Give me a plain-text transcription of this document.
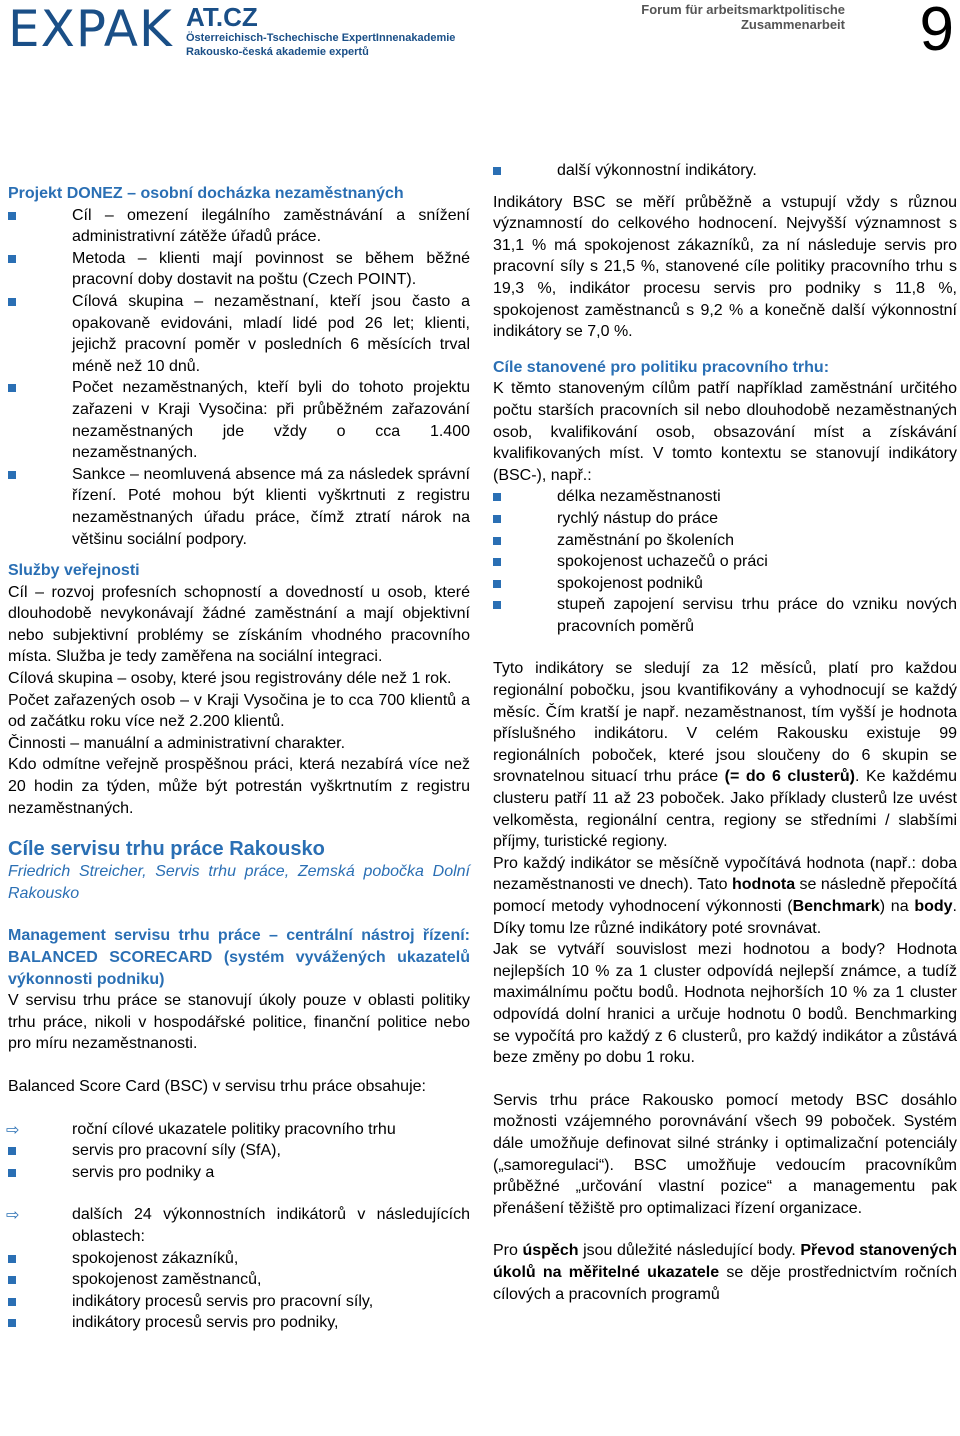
EXPAK AT.CZ
Österreichisch-Tschechische ExpertInnenakademie
Rakousko-česká akademie expertů
Forum für arbeitsmarktpolitische
Zusammenarbeit 9

Projekt DONEZ – osobní docházka nezaměstnaných

Cíl – omezení ilegálního zaměstnávání a snížení administrativní zátěže úřadů práce.
Metoda – klienti mají povinnost se během běžné pracovní doby dostavit na poštu (Czech POINT).
Cílová skupina – nezaměstnaní, kteří jsou často a opakovaně evidováni, mladí lidé pod 26 let; klienti, jejichž pracovní poměr v posledních 6 měsících trval méně než 10 dnů.
Počet nezaměstnaných, kteří byli do tohoto projektu zařazeni v Kraji Vysočina: při průběžném zařazování nezaměstnaných jde vždy o cca 1.400 nezaměstnaných.
Sankce – neomluvená absence má za následek správní řízení. Poté mohou být klienti vyškrtnuti z registru nezaměstnaných úřadu práce, čímž ztratí nárok na většinu sociální podpory.

Služby veřejnosti

Cíl – rozvoj profesních schopností a dovedností u osob, které dlouhodobě nevykonávají žádné zaměstnání a mají objektivní nebo subjektivní problémy se získáním vhodného pracovního místa. Služba je tedy zaměřena na sociální integraci.

Cílová skupina – osoby, které jsou registrovány déle než 1 rok.

Počet zařazených osob – v Kraji Vysočina je to cca 700 klientů a od začátku roku více než 2.200 klientů.

Činnosti – manuální a administrativní charakter.

Kdo odmítne veřejně prospěšnou práci, která nezabírá více než 20 hodin za týden, může být potrestán vyškrtnutím z registru nezaměstnaných.

Cíle servisu trhu práce Rakousko

Friedrich Streicher, Servis trhu práce, Zemská pobočka Dolní Rakousko

Management servisu trhu práce – centrální nástroj řízení: BALANCED SCORECARD (systém vyvážených ukazatelů výkonnosti podniku)

V servisu trhu práce se stanovují úkoly pouze v oblasti politiky trhu práce, nikoli v hospodářské politice, finanční politice nebo pro míru nezaměstnanosti.

Balanced Score Card (BSC) v servisu trhu práce obsahuje:

⇨	roční cílové ukazatele politiky pracovního trhu
servis pro pracovní síly (SfA),
servis pro podniky a
⇨	dalších 24 výkonnostních indikátorů v následujících oblastech:
spokojenost zákazníků,
spokojenost zaměstnanců,
indikátory procesů servis pro pracovní síly,
indikátory procesů servis pro podniky,
další výkonnostní indikátory.

Indikátory BSC se měří průběžně a vstupují vždy s různou významností do celkového hodnocení. Nejvyšší významnost s 31,1 % má spokojenost zákazníků, za ní následuje servis pro pracovní síly s 21,5 %, stanovené cíle politiky pracovního trhu s 19,3 %, indikátor procesu servis pro podniky s 11,8 %, spokojenost zaměstnanců s 9,2 % a konečně další výkonnostní indikátory se 7,0 %.

Cíle stanovené pro politiku pracovního trhu:

K těmto stanoveným cílům patří například zaměstnání určitého počtu starších pracovních sil nebo dlouhodobě nezaměstnaných osob, kvalifikování osob, obsazování míst a získávání kvalifikovaných míst. V tomto kontextu se stanovují indikátory (BSC-), např.:

délka nezaměstnanosti
rychlý nástup do práce
zaměstnání po školeních
spokojenost uchazečů o práci
spokojenost podniků
stupeň zapojení servisu trhu práce do vzniku nových pracovních poměrů

Tyto indikátory se sledují za 12 měsíců, platí pro každou regionální pobočku, jsou kvantifikovány a vyhodnocují se každý měsíc. Čím kratší je např. nezaměstnanost, tím vyšší je hodnota příslušného indikátoru. V celém Rakousku existuje 99 regionálních poboček, které jsou sloučeny do 6 skupin se srovnatelnou situací trhu práce (= do 6 clusterů). Ke každému clusteru patří 11 až 23 poboček. Jako příklady clusterů lze uvést velkoměsta, regionální centra, regiony se středními / slabšími příjmy, turistické regiony.

Pro každý indikátor se měsíčně vypočítává hodnota (např.: doba nezaměstnanosti ve dnech). Tato hodnota se následně přepočítá pomocí metody vyhodnocení výkonnosti (Benchmark) na body. Díky tomu lze různé indikátory poté srovnávat.

Jak se vytváří souvislost mezi hodnotou a body? Hodnota nejlepších 10 % za 1 cluster odpovídá nejlepší známce, a tudíž maximálnímu počtu bodů. Hodnota nejhorších 10 % za 1 cluster odpovídá dolní hranici a určuje hodnotu 0 bodů. Benchmarking se vypočítá pro každý z 6 clusterů, pro každý indikátor a zůstává beze změny po dobu 1 roku.

Servis trhu práce Rakousko pomocí metody BSC dosáhlo možnosti vzájemného porovnávání všech 99 poboček. Systém dále umožňuje definovat silné stránky i optimalizační potenciály („samoregulaci“). BSC umožňuje vedoucím pracovníkům průběžné „určování vlastní pozice“ a managementu pak přenášení těžiště pro optimalizaci řízení organizace.

Pro úspěch jsou důležité následující body. Převod stanovených úkolů na měřitelné ukazatele se děje prostřednictvím ročních cílových a pracovních programů
